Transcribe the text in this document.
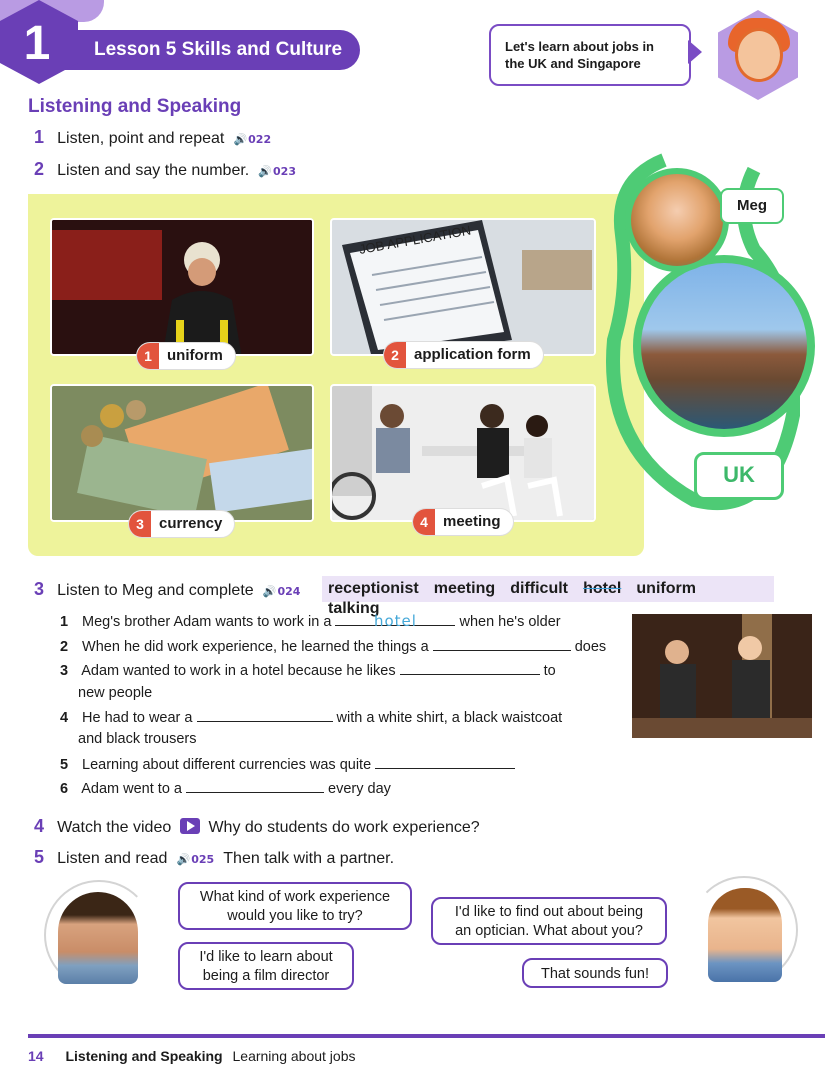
Lesson 5 Skills and Culture
1	Let's learn about jobs in
the UK and Singapore
Listening and Speaking
1 Listen, point and repeat 🔊022
2 Listen and say the number. 🔊023
JOB APPLICATION
1	uniform	2	application form
3	currency	4	meeting
Meg
UK
3 Listen to Meg and complete 🔊024	receptionist meeting difficult hotel uniform talking
1 Meg's brother Adam wants to work in a	hotel	when he's older
2 When he did work experience, he learned the things a	does
3 Adam wanted to work in a hotel because he likes	to
new people
4 He had to wear a	with a white shirt, a black waistcoat
and black trousers
5 Learning about different currencies was quite
6 Adam went to a	every day
4 Watch the video Why do students do work experience?
5 Listen and read 🔊025 Then talk with a partner.
What kind of work experience
would you like to try?
I'd like to learn about
being a film director
I'd like to find out about being
an optician. What about you?
That sounds fun!
14 Listening and Speaking Learning about jobs
